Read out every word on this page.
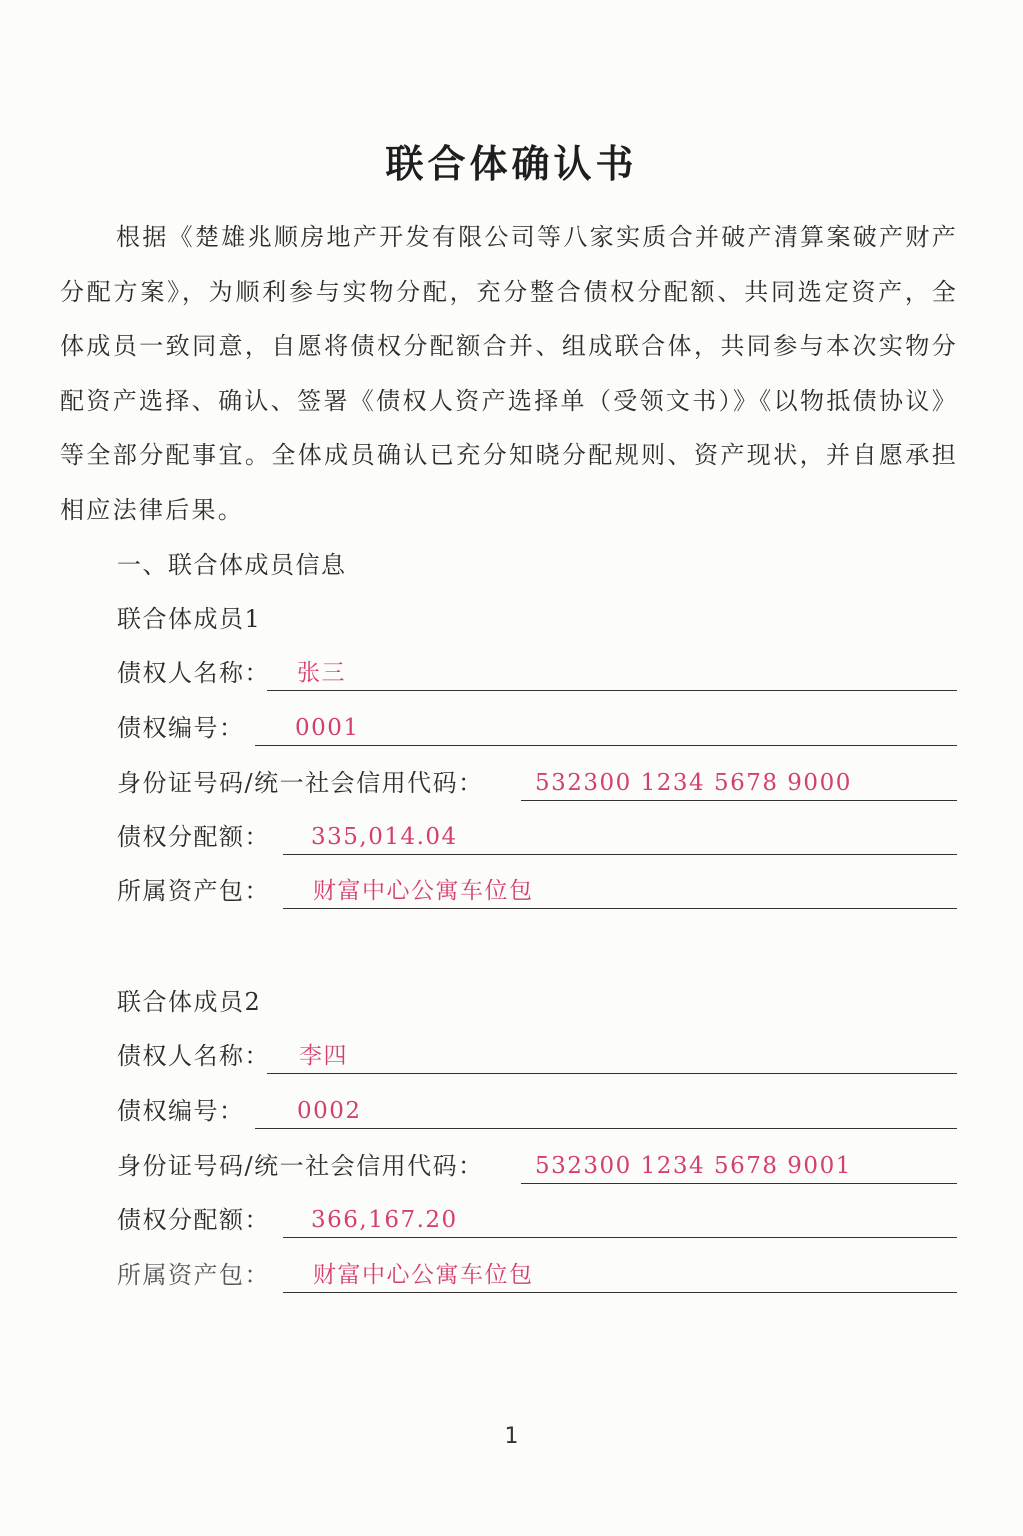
联合体确认书
根据《楚雄兆顺房地产开发有限公司等八家实质合并破产清算案破产财产分配方案》，为顺利参与实物分配，充分整合债权分配额、共同选定资产，全体成员一致同意，自愿将债权分配额合并、组成联合体，共同参与本次实物分配资产选择、确认、签署《债权人资产选择单（受领文书）》《以物抵债协议》等全部分配事宜。全体成员确认已充分知晓分配规则、资产现状，并自愿承担相应法律后果。
一、联合体成员信息
联合体成员1
债权人名称： 张三
债权编号： 0001
身份证号码/统一社会信用代码： 532300 1234 5678 9000
债权分配额： 335,014.04
所属资产包： 财富中心公寓车位包
联合体成员2
债权人名称： 李四
债权编号： 0002
身份证号码/统一社会信用代码： 532300 1234 5678 9001
债权分配额： 366,167.20
所属资产包： 财富中心公寓车位包
1
